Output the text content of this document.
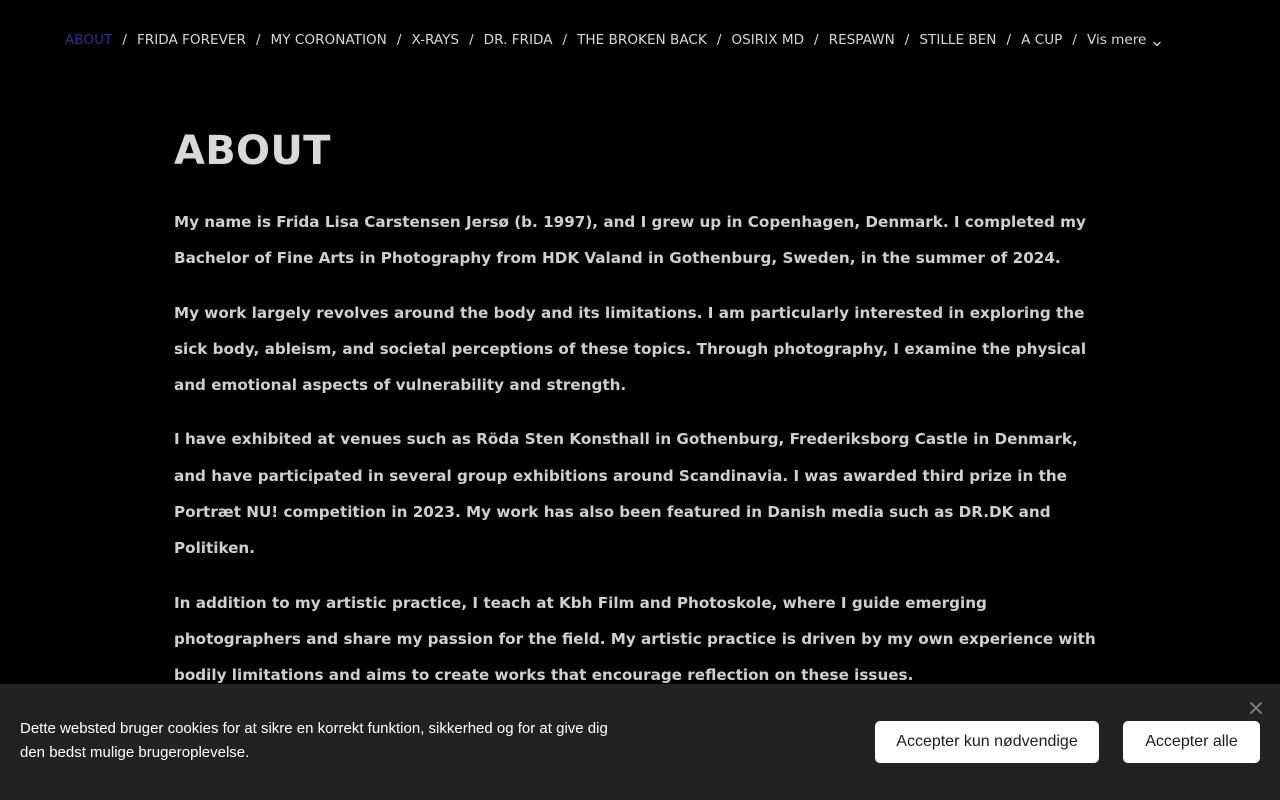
ABOUT / FRIDA FOREVER / MY CORONATION / X-RAYS / DR. FRIDA / THE BROKEN BACK / OSIRIX MD / RESPAWN / STILLE BEN / A CUP / Vis mere
ABOUT

My name is Frida Lisa Carstensen Jersø (b. 1997), and I grew up in Copenhagen, Denmark. I completed my Bachelor of Fine Arts in Photography from HDK Valand in Gothenburg, Sweden, in the summer of 2024.

My work largely revolves around the body and its limitations. I am particularly interested in exploring the sick body, ableism, and societal perceptions of these topics. Through photography, I examine the physical and emotional aspects of vulnerability and strength.

I have exhibited at venues such as Röda Sten Konsthall in Gothenburg, Frederiksborg Castle in Denmark, and have participated in several group exhibitions around Scandinavia. I was awarded third prize in the Portræt NU! competition in 2023. My work has also been featured in Danish media such as DR.DK and Politiken.

In addition to my artistic practice, I teach at Kbh Film and Photoskole, where I guide emerging photographers and share my passion for the field. My artistic practice is driven by my own experience with bodily limitations and aims to create works that encourage reflection on these issues.

Dette websted bruger cookies for at sikre en korrekt funktion, sikkerhed og for at give dig den bedst mulige brugeroplevelse.

Accepter kun nødvendige	Accepter alle
